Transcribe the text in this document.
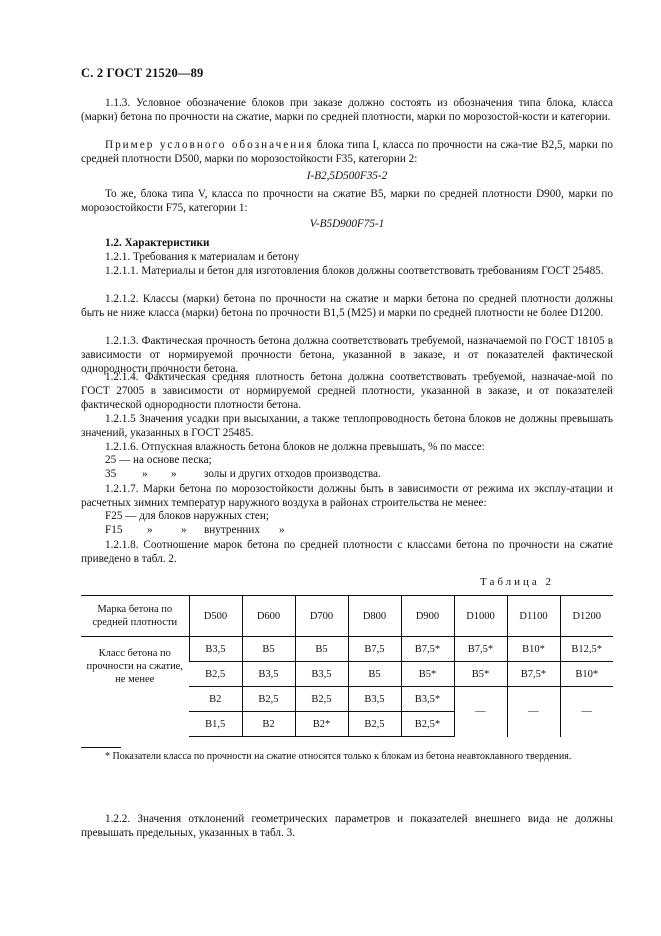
С. 2 ГОСТ 21520—89

1.1.3. Условное обозначение блоков при заказе должно состоять из обозначения типа блока, класса (марки) бетона по прочности на сжатие, марки по средней плотности, марки по морозостой-кости и категории.

Пример условного обозначения блока типа I, класса по прочности на сжа-тие B2,5, марки по средней плотности D500, марки по морозостойкости F35, категории 2:

I-B2,5D500F35-2

То же, блока типа V, класса по прочности на сжатие B5, марки по средней плотности D900, марки по морозостойкости F75, категории 1:

V-B5D900F75-1

1.2. Характеристики

1.2.1. Требования к материалам и бетону

1.2.1.1. Материалы и бетон для изготовления блоков должны соответствовать требованиям ГОСТ 25485.

1.2.1.2. Классы (марки) бетона по прочности на сжатие и марки бетона по средней плотности должны быть не ниже класса (марки) бетона по прочности B1,5 (M25) и марки по средней плотности не более D1200.

1.2.1.3. Фактическая прочность бетона должна соответствовать требуемой, назначаемой по ГОСТ 18105 в зависимости от нормируемой прочности бетона, указанной в заказе, и от показателей фактической однородности прочности бетона.

1.2.1.4. Фактическая средняя плотность бетона должна соответствовать требуемой, назначае-мой по ГОСТ 27005 в зависимости от нормируемой средней плотности, указанной в заказе, и от показателей фактической однородности плотности бетона.

1.2.1.5 Значения усадки при высыхании, а также теплопроводность бетона блоков не должны превышать значений, указанных в ГОСТ 25485.

1.2.1.6. Отпускная влажность бетона блоков не должна превышать, % по массе:

25 — на основе песка;
35 » » золы и других отходов производства.

1.2.1.7. Марки бетона по морозостойкости должны быть в зависимости от режима их эксплу-атации и расчетных зимних температур наружного воздуха в районах строительства не менее:

F25 — для блоков наружных стен;
F15 »	» внутренних »

1.2.1.8. Соотношение марок бетона по средней плотности с классами бетона по прочности на сжатие приведено в табл. 2.

Таблица 2
Марка бетона по средней плотности	D500	D600	D700	D800	D900	D1000	D1100	D1200
Класс бетона по прочности на сжатие, не менее	B3,5	B5	B5	B7,5	B7,5*	B7,5*	B10*	B12,5*
	B2,5	B3,5	B3,5	B5	B5*	B5*	B7,5*	B10*
	B2	B2,5	B2,5	B3,5	B3,5*	—	—	—
	B1,5	B2	B2*	B2,5	B2,5*			
* Показатели класса по прочности на сжатие относятся только к блокам из бетона неавтоклавного твердения.

1.2.2. Значения отклонений геометрических параметров и показателей внешнего вида не должны превышать предельных, указанных в табл. 3.
